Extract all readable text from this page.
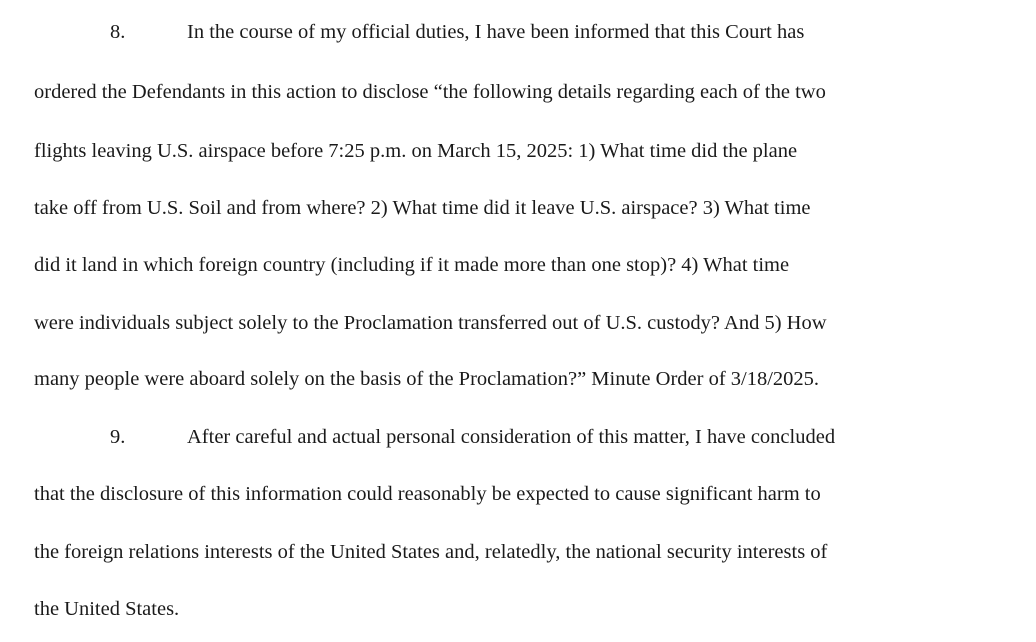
8.	In the course of my official duties, I have been informed that this Court has
ordered the Defendants in this action to disclose “the following details regarding each of the two
flights leaving U.S. airspace before 7:25 p.m. on March 15, 2025: 1) What time did the plane
take off from U.S. Soil and from where? 2) What time did it leave U.S. airspace? 3) What time
did it land in which foreign country (including if it made more than one stop)? 4) What time
were individuals subject solely to the Proclamation transferred out of U.S. custody? And 5) How
many people were aboard solely on the basis of the Proclamation?” Minute Order of 3/18/2025.
9.	After careful and actual personal consideration of this matter, I have concluded
that the disclosure of this information could reasonably be expected to cause significant harm to
the foreign relations interests of the United States and, relatedly, the national security interests of
the United States.
